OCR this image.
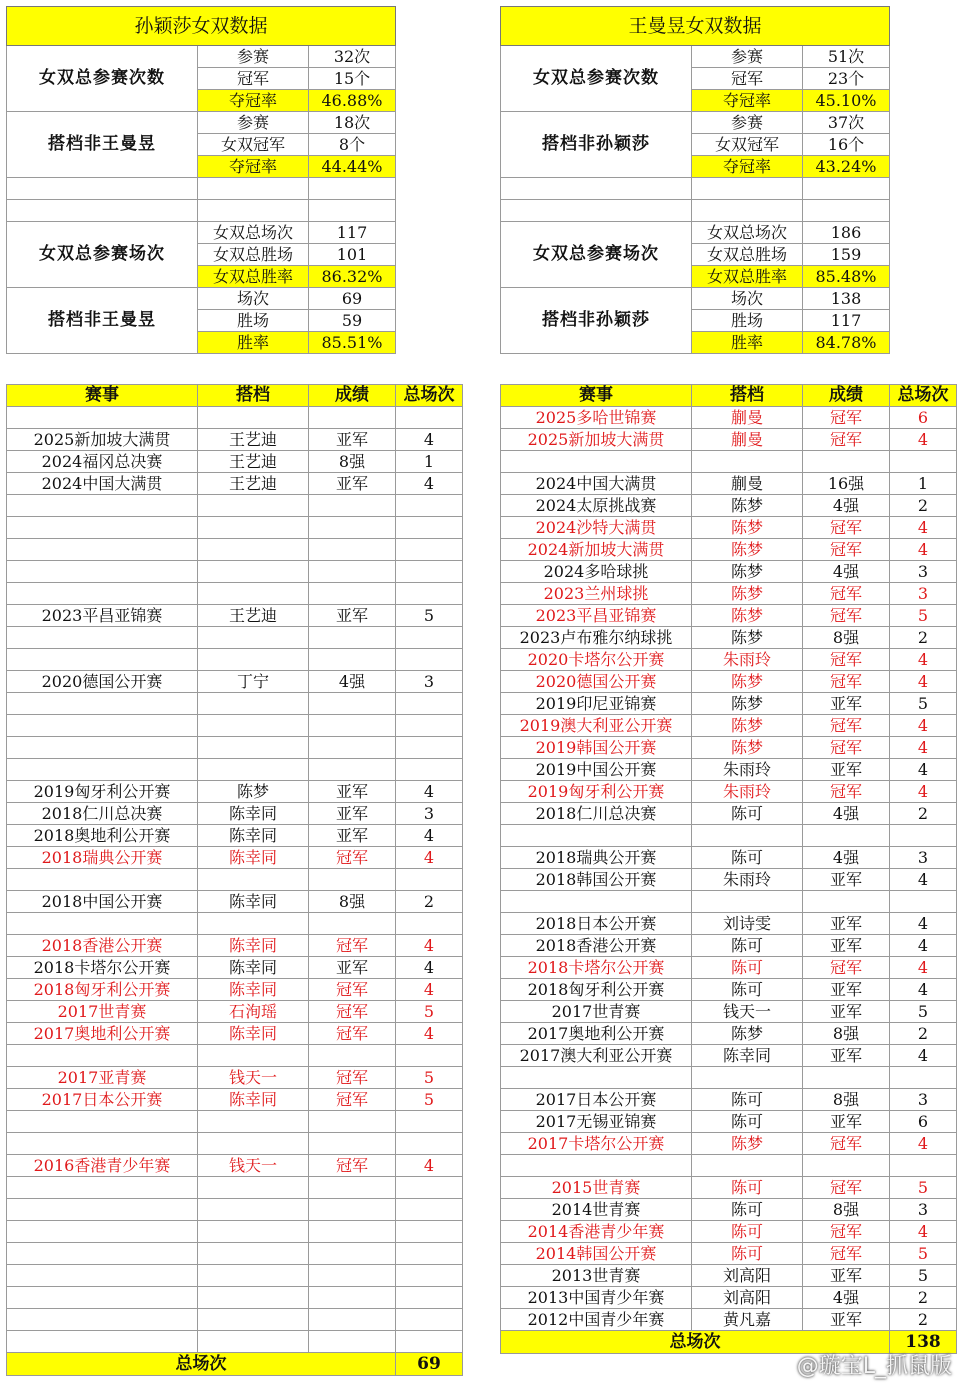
孙颖莎女双数据		
女双总参赛次数	参赛	32次
	冠军	15个
	夺冠率	46.88%
搭档非王曼昱	参赛	18次
	女双冠军	8个
	夺冠率	44.44%

女双总参赛场次	女双总场次	117
	女双总胜场	101
	女双总胜率	86.32%
搭档非王曼昱	场次	69
	胜场	59
	胜率	85.51%
王曼昱女双数据		
女双总参赛次数	参赛	51次
	冠军	23个
	夺冠率	45.10%
搭档非孙颖莎	参赛	37次
	女双冠军	16个
	夺冠率	43.24%

女双总参赛场次	女双总场次	186
	女双总胜场	159
	女双总胜率	85.48%
搭档非孙颖莎	场次	138
	胜场	117
	胜率	84.78%
赛事	搭档	成绩	总场次

2025新加坡大满贯	王艺迪	亚军	4
2024福冈总决赛	王艺迪	8强	1
2024中国大满贯	王艺迪	亚军	4

2023平昌亚锦赛	王艺迪	亚军	5

2020德国公开赛	丁宁	4强	3

2019匈牙利公开赛	陈梦	亚军	4
2018仁川总决赛	陈幸同	亚军	3
2018奥地利公开赛	陈幸同	亚军	4
2018瑞典公开赛	陈幸同	冠军	4

2018中国公开赛	陈幸同	8强	2

2018香港公开赛	陈幸同	冠军	4
2018卡塔尔公开赛	陈幸同	亚军	4
2018匈牙利公开赛	陈幸同	冠军	4
2017世青赛	石洵瑶	冠军	5
2017奥地利公开赛	陈幸同	冠军	4

2017亚青赛	钱天一	冠军	5
2017日本公开赛	陈幸同	冠军	5

2016香港青少年赛	钱天一	冠军	4

总场次			69
赛事	搭档	成绩	总场次
2025多哈世锦赛	蒯曼	冠军	6
2025新加坡大满贯	蒯曼	冠军	4

2024中国大满贯	蒯曼	16强	1
2024太原挑战赛	陈梦	4强	2
2024沙特大满贯	陈梦	冠军	4
2024新加坡大满贯	陈梦	冠军	4
2024多哈球挑	陈梦	4强	3
2023兰州球挑	陈梦	冠军	3
2023平昌亚锦赛	陈梦	冠军	5
2023卢布雅尔纳球挑	陈梦	8强	2
2020卡塔尔公开赛	朱雨玲	冠军	4
2020德国公开赛	陈梦	冠军	4
2019印尼亚锦赛	陈梦	亚军	5
2019澳大利亚公开赛	陈梦	冠军	4
2019韩国公开赛	陈梦	冠军	4
2019中国公开赛	朱雨玲	亚军	4
2019匈牙利公开赛	朱雨玲	冠军	4
2018仁川总决赛	陈可	4强	2

2018瑞典公开赛	陈可	4强	3
2018韩国公开赛	朱雨玲	亚军	4

2018日本公开赛	刘诗雯	亚军	4
2018香港公开赛	陈可	亚军	4
2018卡塔尔公开赛	陈可	冠军	4
2018匈牙利公开赛	陈可	亚军	4
2017世青赛	钱天一	亚军	5
2017奥地利公开赛	陈梦	8强	2
2017澳大利亚公开赛	陈幸同	亚军	4

2017日本公开赛	陈可	8强	3
2017无锡亚锦赛	陈可	亚军	6
2017卡塔尔公开赛	陈梦	冠军	4

2015世青赛	陈可	冠军	5
2014世青赛	陈可	8强	3
2014香港青少年赛	陈可	冠军	4
2014韩国公开赛	陈可	冠军	5
2013世青赛	刘高阳	亚军	5
2013中国青少年赛	刘高阳	4强	2
2012中国青少年赛	黄凡嘉	亚军	2
总场次			138
@璇宝L_抓鼠版
